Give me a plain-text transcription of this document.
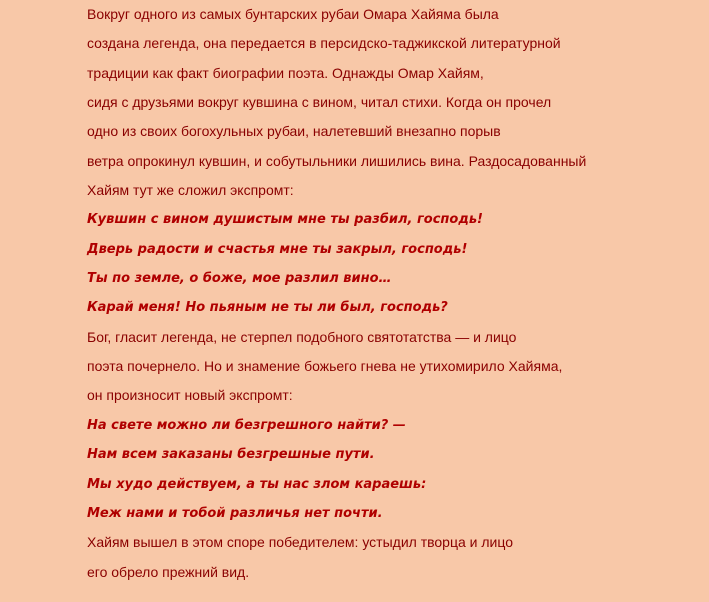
Вокруг одного из самых бунтарских рубаи Омара Хайяма была
создана легенда, она передается в персидско-таджикской литературной
традиции как факт биографии поэта. Однажды Омар Хайям,
сидя с друзьями вокруг кувшина с вином, читал стихи. Когда он прочел
одно из своих богохульных рубаи, налетевший внезапно порыв
ветра опрокинул кувшин, и собутыльники лишились вина. Раздосадованный
Хайям тут же сложил экспромт:
Кувшин с вином душистым мне ты разбил, господь!
Дверь радости и счастья мне ты закрыл, господь!
Ты по земле, о боже, мое разлил вино…
Карай меня! Но пьяным не ты ли был, господь?
Бог, гласит легенда, не стерпел подобного святотатства — и лицо
поэта почернело. Но и знамение божьего гнева не утихомирило Хайяма,
он произносит новый экспромт:
На свете можно ли безгрешного найти? —
Нам всем заказаны безгрешные пути.
Мы худо действуем, а ты нас злом караешь:
Меж нами и тобой различья нет почти.
Хайям вышел в этом споре победителем: устыдил творца и лицо
его обрело прежний вид.
